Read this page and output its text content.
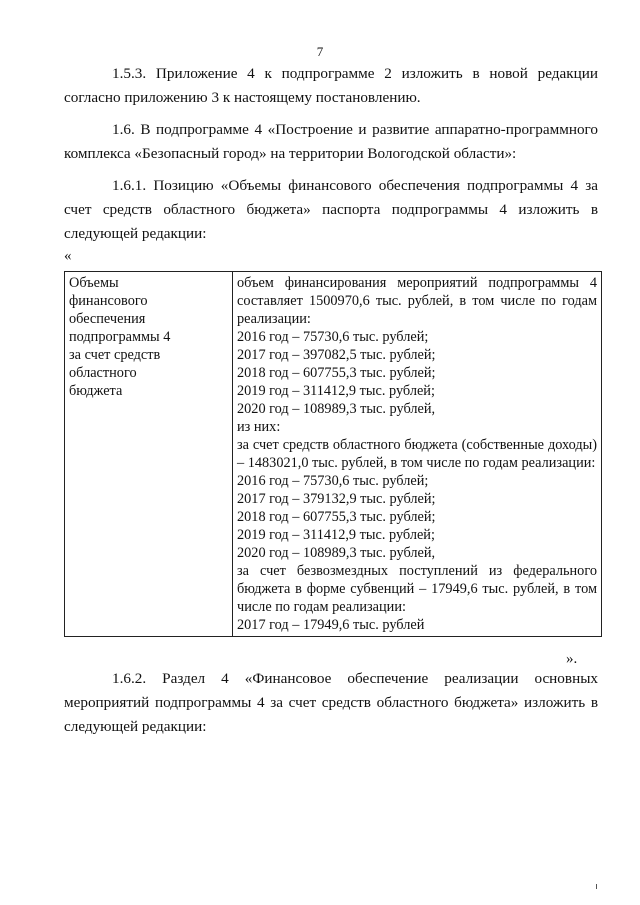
7
1.5.3. Приложение 4 к подпрограмме 2 изложить в новой редакции согласно приложению 3 к настоящему постановлению.
1.6. В подпрограмме 4 «Построение и развитие аппаратно-программного комплекса «Безопасный город» на территории Вологодской области»:
1.6.1. Позицию «Объемы финансового обеспечения подпрограммы 4 за счет средств областного бюджета» паспорта подпрограммы 4 изложить в следующей редакции:
«
Объемы
финансового
обеспечения
подпрограммы 4
за счет средств
областного
бюджета

объем финансирования мероприятий подпрограммы 4 составляет 1500970,6 тыс. рублей, в том числе по годам реализации:
2016 год – 75730,6 тыс. рублей;
2017 год – 397082,5 тыс. рублей;
2018 год – 607755,3 тыс. рублей;
2019 год – 311412,9 тыс. рублей;
2020 год – 108989,3 тыс. рублей,
из них:
за счет средств областного бюджета (собственные доходы) – 1483021,0 тыс. рублей, в том числе по годам реализации:
2016 год – 75730,6 тыс. рублей;
2017 год – 379132,9 тыс. рублей;
2018 год – 607755,3 тыс. рублей;
2019 год – 311412,9 тыс. рублей;
2020 год – 108989,3 тыс. рублей,
за счет безвозмездных поступлений из федерального бюджета в форме субвенций – 17949,6 тыс. рублей, в том числе по годам реализации:
2017 год – 17949,6 тыс. рублей
».
1.6.2. Раздел 4 «Финансовое обеспечение реализации основных мероприятий подпрограммы 4 за счет средств областного бюджета» изложить в следующей редакции:
